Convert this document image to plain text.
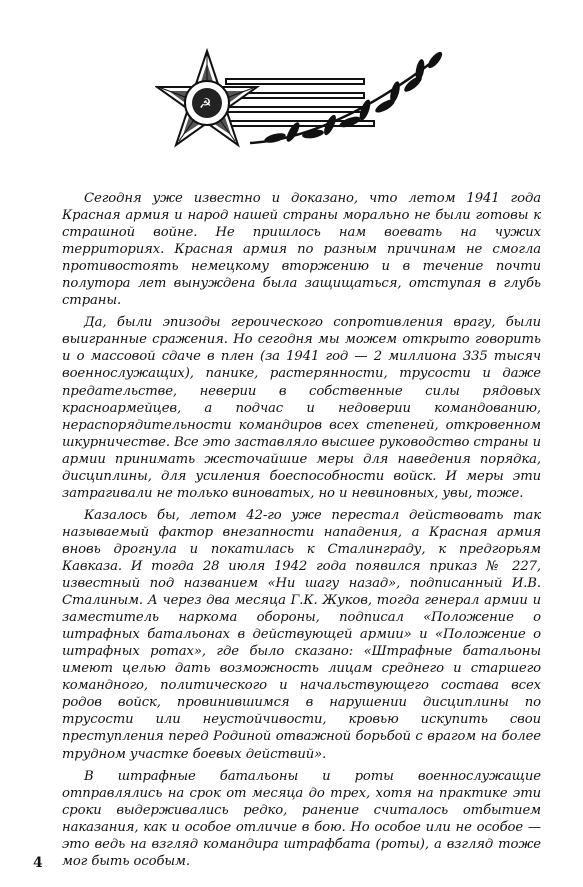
☭

Сегодня уже известно и доказано, что летом 1941 года Красная армия и народ нашей страны морально не были готовы к страшной войне. Не пришлось нам воевать на чужих территориях. Красная армия по разным причинам не смогла противостоять немецкому вторжению и в течение почти полутора лет вынуждена была защищаться, отступая в глубь страны.

Да, были эпизоды героического сопротивления врагу, были выигранные сражения. Но сегодня мы можем открыто говорить и о массовой сдаче в плен (за 1941 год — 2 миллиона 335 тысяч военнослужащих), панике, растерянности, трусости и даже предательстве, неверии в собственные силы рядовых красноармейцев, а подчас и недоверии командованию, нераспорядительности командиров всех степеней, откровенном шкурничестве. Все это заставляло высшее руководство страны и армии принимать жесточайшие меры для наведения порядка, дисциплины, для усиления боеспособности войск. И меры эти затрагивали не только виноватых, но и невиновных, увы, тоже.

Казалось бы, летом 42-го уже перестал действовать так называемый фактор внезапности нападения, а Красная армия вновь дрогнула и покатилась к Сталинграду, к предгорьям Кавказа. И тогда 28 июля 1942 года появился приказ № 227, известный под названием «Ни шагу назад», подписанный И.В. Сталиным. А через два месяца Г.К. Жуков, тогда генерал армии и заместитель наркома обороны, подписал «Положение о штрафных батальонах в действующей армии» и «Положение о штрафных ротах», где было сказано: «Штрафные батальоны имеют целью дать возможность лицам среднего и старшего командного, политического и начальствующего состава всех родов войск, провинившимся в нарушении дисциплины по трусости или неустойчивости, кровью искупить свои преступления перед Родиной отважной борьбой с врагом на более трудном участке боевых действий».

В штрафные батальоны и роты военнослужащие отправлялись на срок от месяца до трех, хотя на практике эти сроки выдерживались редко, ранение считалось отбытием наказания, как и особое отличие в бою. Но особое или не особое — это ведь на взгляд командира штрафбата (роты), а взгляд тоже мог быть особым.

4
